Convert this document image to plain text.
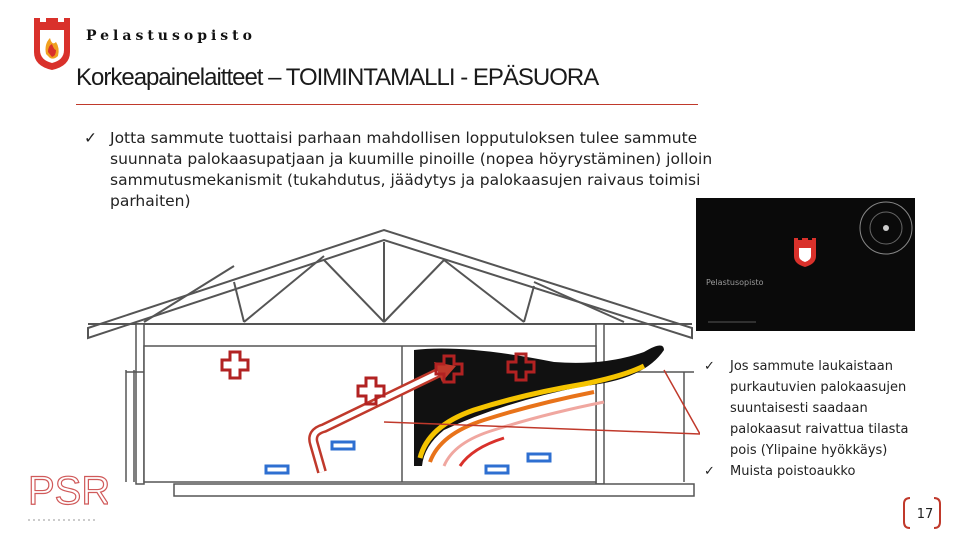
Pelastusopisto
Korkeapainelaitteet – TOIMINTAMALLI - EPÄSUORA
✓ Jotta sammute tuottaisi parhaan mahdollisen lopputuloksen tulee sammute suunnata palokaasupatjaan ja kuumille pinoille (nopea höyrystäminen) jolloin sammutusmekanismit (tukahdutus, jäädytys ja palokaasujen raivaus toimisi parhaiten)
Pelastusopisto
✓ Jos sammute laukaistaan purkautuvien palokaasujen suuntaisesti saadaan palokaasut raivattua tilasta pois (Ylipaine hyökkäys)
✓ Muista poistoaukko
PSR
17
